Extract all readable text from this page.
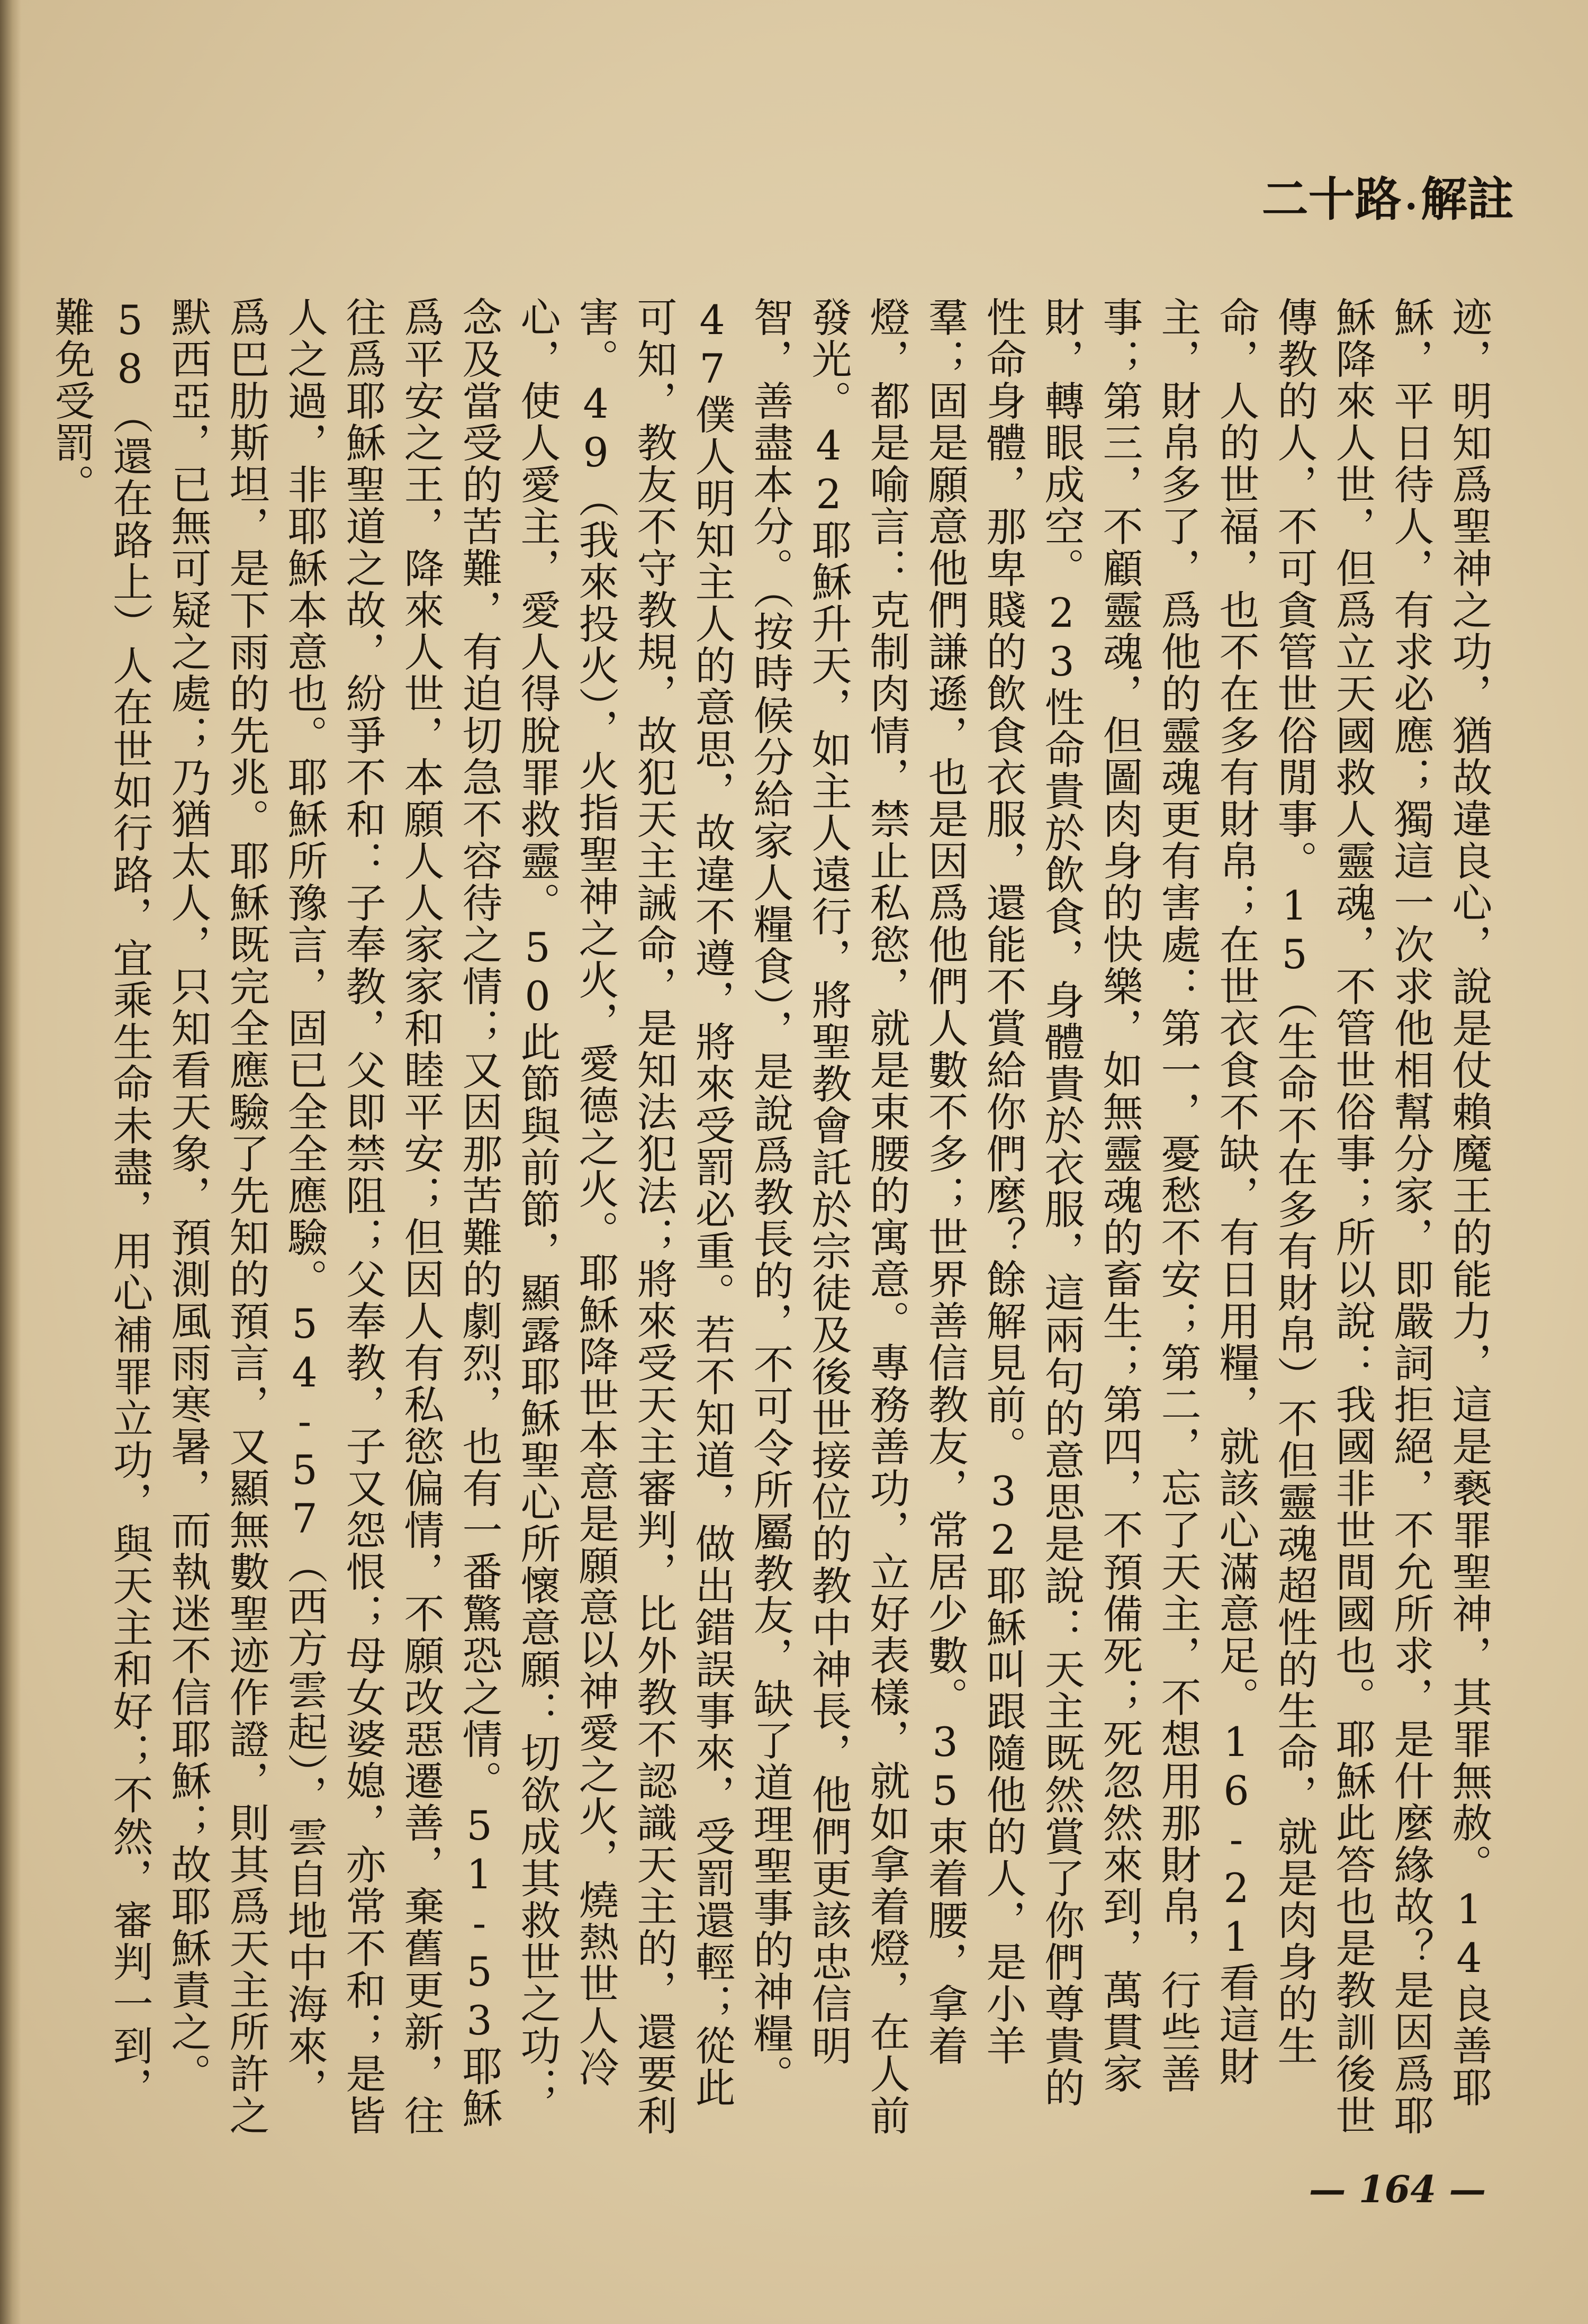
解註
.
二十路
迹，明知爲聖神之功，猶故違良心，說是仗賴魔王的能力，這是褻罪聖神，其罪無赦。14良善耶穌，平日待人，有求必應；獨這一次求他相幫分家，即嚴詞拒絕，不允所求，是什麼緣故？是因爲耶穌降來人世，但爲立天國救人靈魂，不管世俗事；所以說：我國非世間國也。耶穌此答也是教訓後世傳教的人，不可貪管世俗閒事。15（生命不在多有財帛）不但靈魂超性的生命，就是肉身的生命，人的世福，也不在多有財帛；在世衣食不缺，有日用糧，就該心滿意足。16-21看這財主，財帛多了，爲他的靈魂更有害處：第一，憂愁不安；第二，忘了天主，不想用那財帛，行些善事；第三，不顧靈魂，但圖肉身的快樂，如無靈魂的畜生；第四，不預備死；死忽然來到，萬貫家財，轉眼成空。23性命貴於飲食，身體貴於衣服，這兩句的意思是說：天主既然賞了你們尊貴的性命身體，那卑賤的飲食衣服，還能不賞給你們麼？餘解見前。32耶穌叫跟隨他的人，是小羊羣；固是願意他們謙遜，也是因爲他們人數不多；世界善信教友，常居少數。35束着腰，拿着燈，都是喻言：克制肉情，禁止私慾，就是束腰的寓意。專務善功，立好表樣，就如拿着燈，在人前發光。42耶穌升天，如主人遠行，將聖教會託於宗徒及後世接位的教中神長，他們更該忠信明智，善盡本分。（按時候分給家人糧食），是說爲教長的，不可令所屬教友，缺了道理聖事的神糧。47僕人明知主人的意思，故違不遵，將來受罰必重。若不知道，做出錯誤事來，受罰還輕；從此可知，教友不守教規，故犯天主誡命，是知法犯法；將來受天主審判，比外教不認識天主的，還要利害。49（我來投火），火指聖神之火，愛德之火。耶穌降世本意是願意以神愛之火，燒熱世人冷心，使人愛主，愛人得脫罪救靈。50此節與前節，顯露耶穌聖心所懷意願：切欲成其救世之功；念及當受的苦難，有迫切急不容待之情；又因那苦難的劇烈，也有一番驚恐之情。51-53耶穌爲平安之王，降來人世，本願人人家家和睦平安；但因人有私慾偏情，不願改惡遷善，棄舊更新，往往爲耶穌聖道之故，紛爭不和：子奉教，父即禁阻；父奉教，子又怨恨；母女婆媳，亦常不和；是皆人之過，非耶穌本意也。耶穌所豫言，固已全全應驗。54-57（西方雲起），雲自地中海來，爲巴肋斯坦，是下雨的先兆。耶穌既完全應驗了先知的預言，又顯無數聖迹作證，則其爲天主所許之默西亞，已無可疑之處；乃猶太人，只知看天象，預測風雨寒暑，而執迷不信耶穌；故耶穌責之。58（還在路上）人在世如行路，宜乘生命未盡，用心補罪立功，與天主和好；不然，審判一到，難免受罰。
— 164 —
